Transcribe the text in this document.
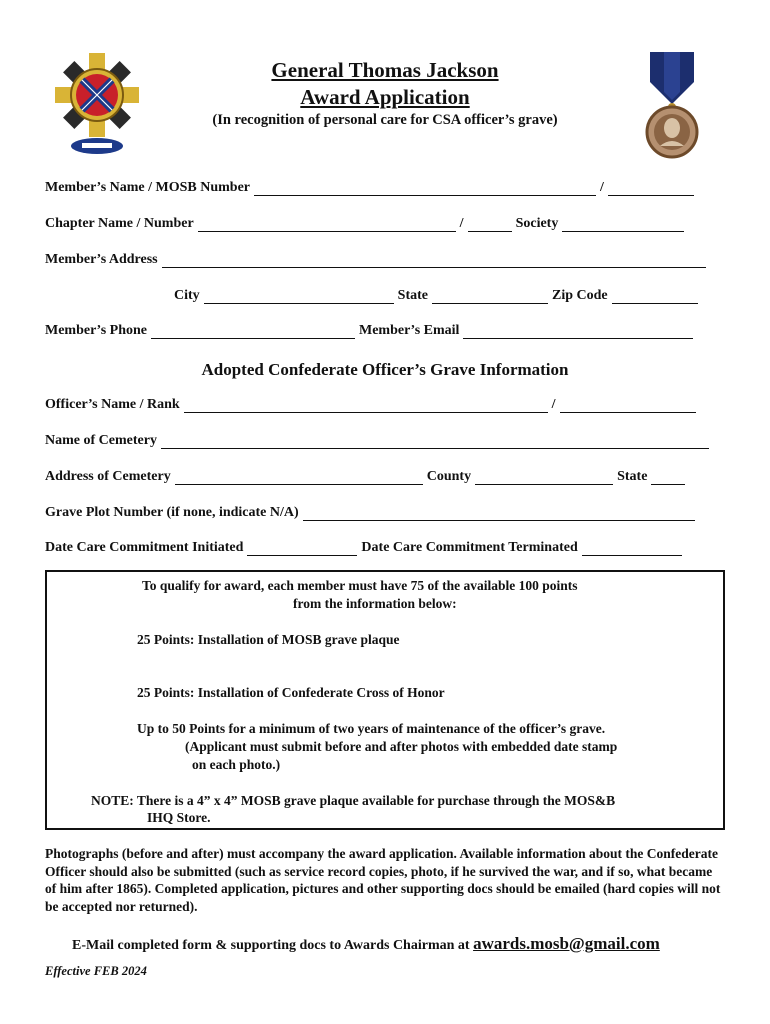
General Thomas Jackson
Award Application
(In recognition of personal care for CSA officer’s grave)
Member’s Name / MOSB Number	/
Chapter Name / Number	/	Society
Member’s Address
City	State	Zip Code
Member’s Phone	Member’s Email
Adopted Confederate Officer’s Grave Information
Officer’s Name / Rank	/
Name of Cemetery
Address of Cemetery	County	State
Grave Plot Number (if none, indicate N/A)
Date Care Commitment Initiated	Date Care Commitment Terminated
To qualify for award, each member must have 75 of the available 100 points
from the information below:
25 Points: Installation of MOSB grave plaque
25 Points: Installation of Confederate Cross of Honor
Up to 50 Points for a minimum of two years of maintenance of the officer’s grave.
(Applicant must submit before and after photos with embedded date stamp
on each photo.)
NOTE: There is a 4” x 4” MOSB grave plaque available for purchase through the MOS&B
IHQ Store.
Photographs (before and after) must accompany the award application. Available information about the Confederate Officer should also be submitted (such as service record copies, photo, if he survived the war, and if so, what became of him after 1865). Completed application, pictures and other supporting docs should be emailed (hard copies will not be accepted nor returned).
E-Mail completed form & supporting docs to Awards Chairman at awards.mosb@gmail.com
Effective FEB 2024
